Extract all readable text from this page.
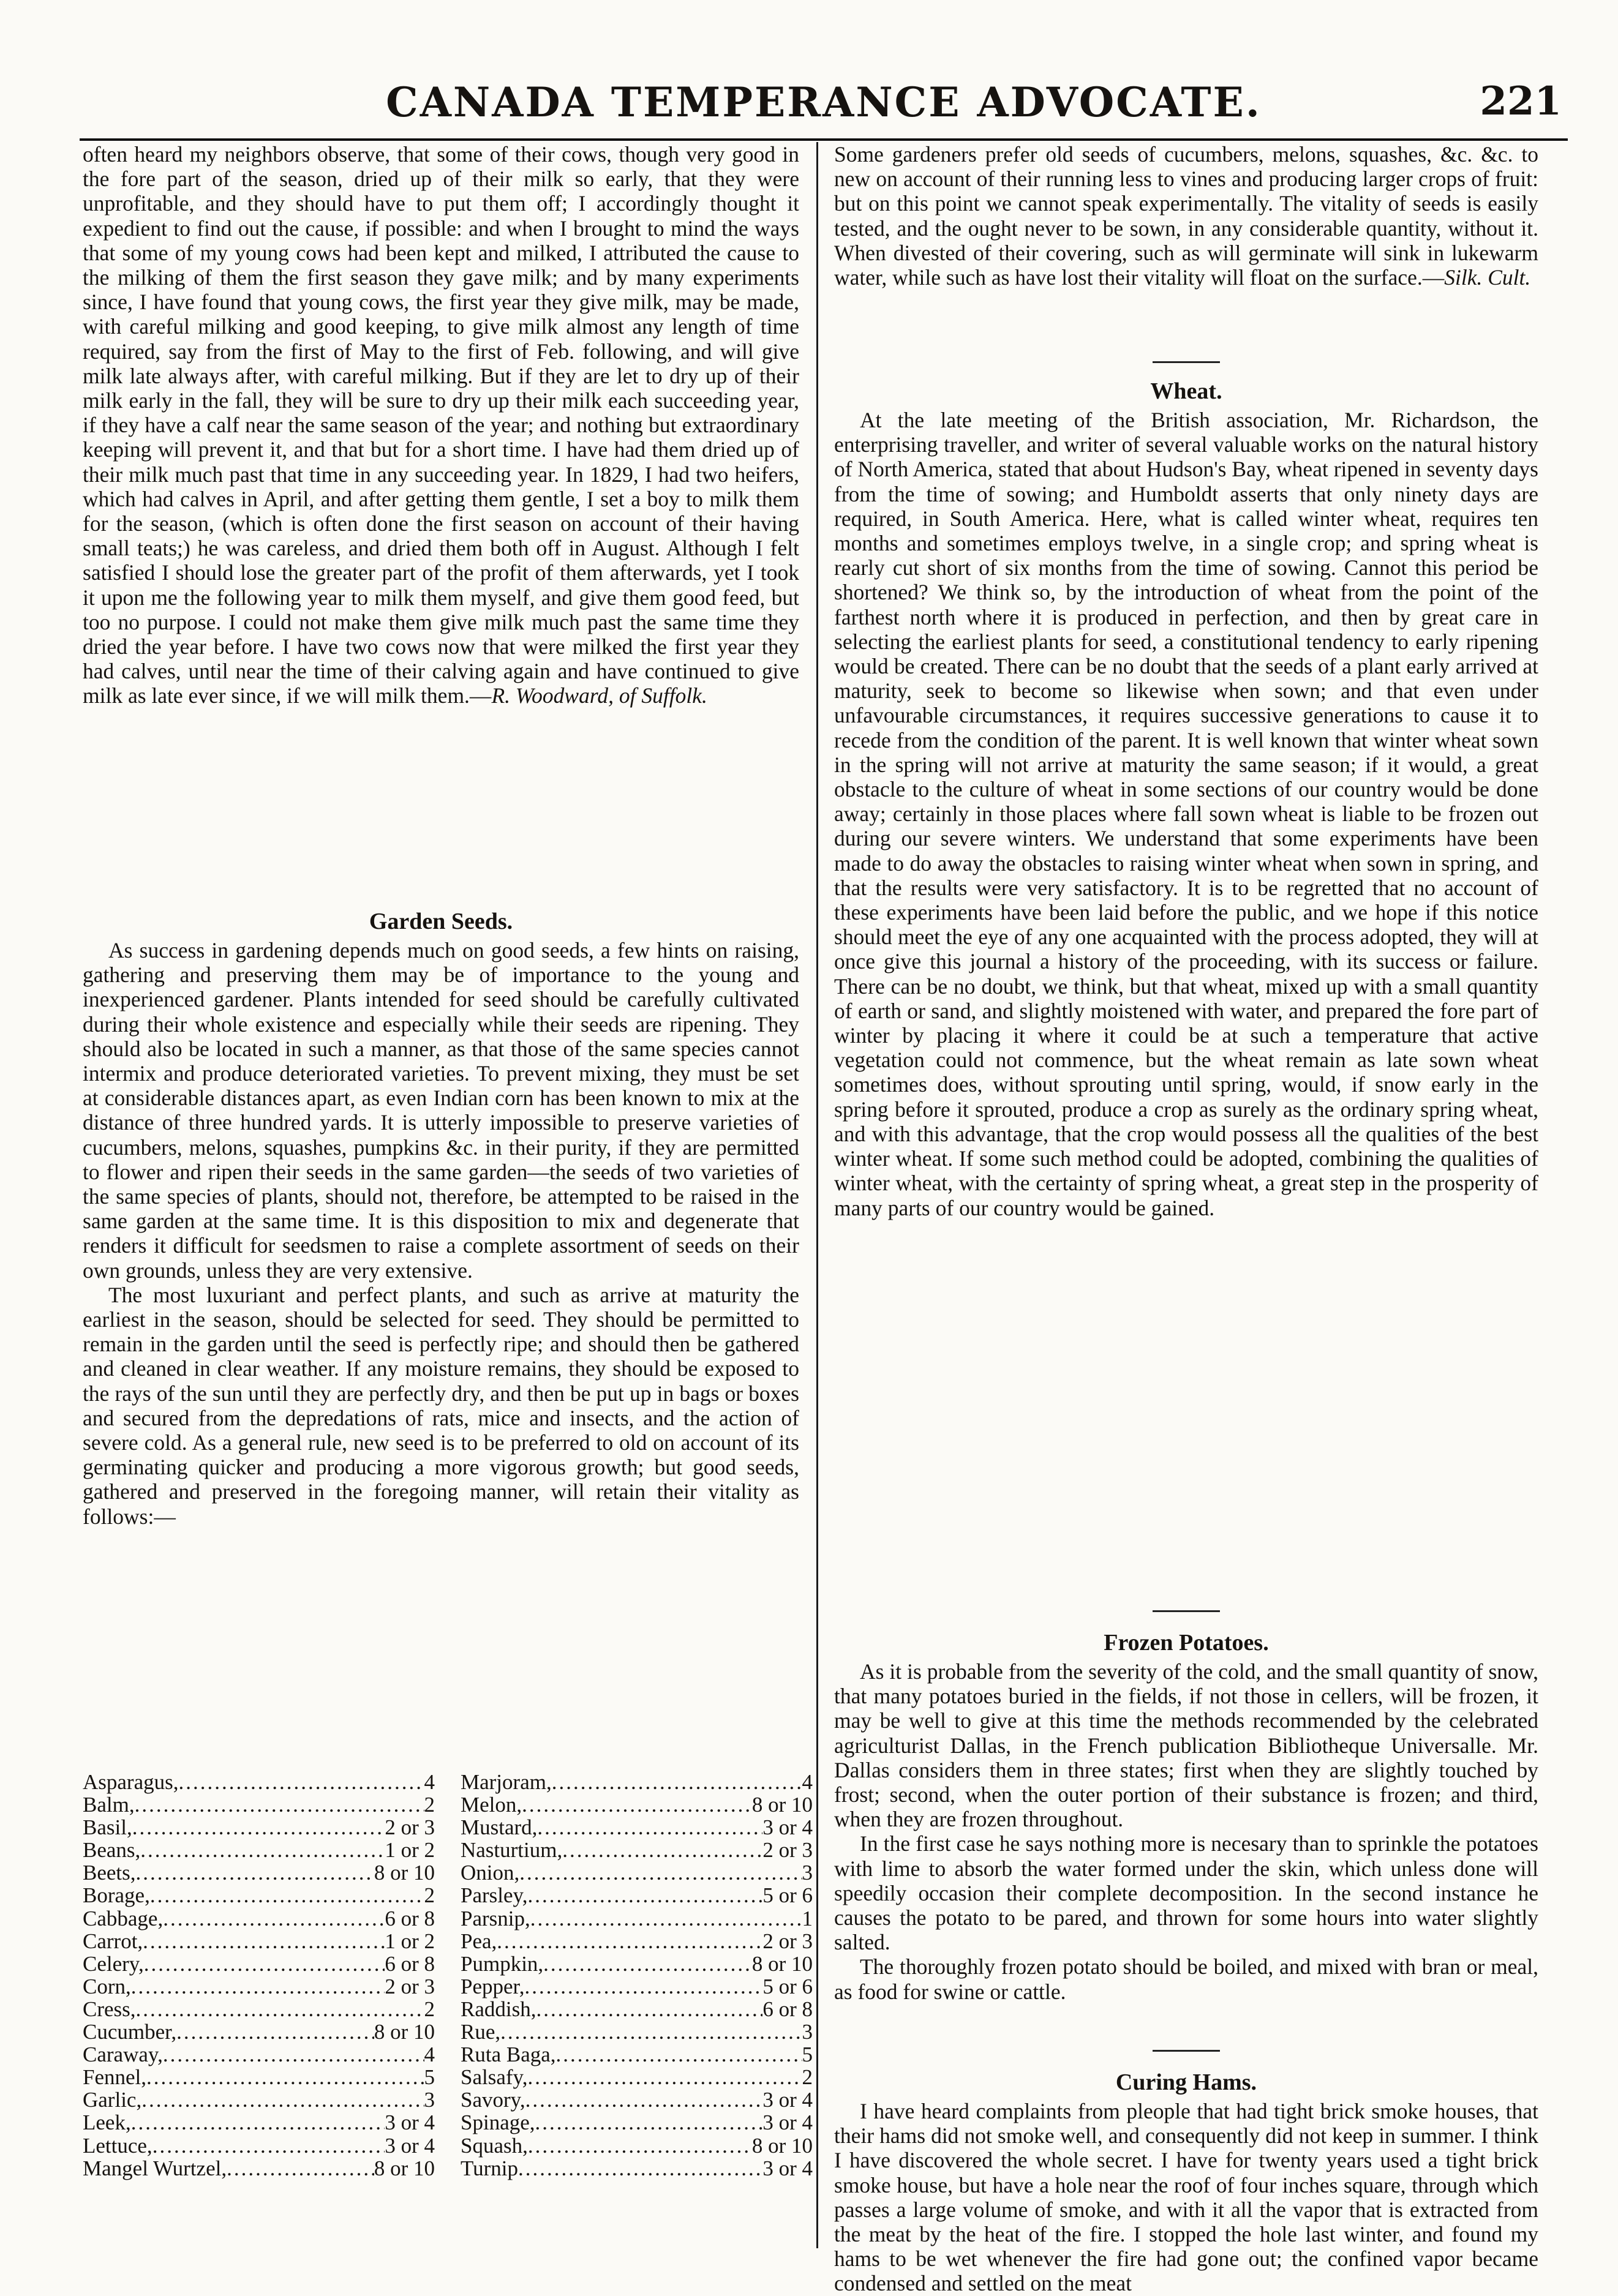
CANADA TEMPERANCE ADVOCATE.	221

often heard my neighbors observe, that some of their cows, though very good in the fore part of the season, dried up of their milk so early, that they were unprofitable, and they should have to put them off; I accordingly thought it expedient to find out the cause, if possible: and when I brought to mind the ways that some of my young cows had been kept and milked, I attributed the cause to the milking of them the first season they gave milk; and by many experiments since, I have found that young cows, the first year they give milk, may be made, with careful milking and good keeping, to give milk almost any length of time required, say from the first of May to the first of Feb. following, and will give milk late always after, with careful milking. But if they are let to dry up of their milk early in the fall, they will be sure to dry up their milk each succeeding year, if they have a calf near the same season of the year; and nothing but extraordinary keeping will prevent it, and that but for a short time. I have had them dried up of their milk much past that time in any succeeding year. In 1829, I had two heifers, which had calves in April, and after getting them gentle, I set a boy to milk them for the season, (which is often done the first season on account of their having small teats;) he was careless, and dried them both off in August. Although I felt satisfied I should lose the greater part of the profit of them afterwards, yet I took it upon me the following year to milk them myself, and give them good feed, but too no purpose. I could not make them give milk much past the same time they dried the year before. I have two cows now that were milked the first year they had calves, until near the time of their calving again and have continued to give milk as late ever since, if we will milk them.—R. Woodward, of Suffolk.

Garden Seeds.

As success in gardening depends much on good seeds, a few hints on raising, gathering and preserving them may be of importance to the young and inexperienced gardener. Plants intended for seed should be carefully cultivated during their whole existence and especially while their seeds are ripening. They should also be located in such a manner, as that those of the same species cannot intermix and produce deteriorated varieties. To prevent mixing, they must be set at considerable distances apart, as even Indian corn has been known to mix at the distance of three hundred yards. It is utterly impossible to preserve varieties of cucumbers, melons, squashes, pumpkins &c. in their purity, if they are permitted to flower and ripen their seeds in the same garden—the seeds of two varieties of the same species of plants, should not, therefore, be attempted to be raised in the same garden at the same time. It is this disposition to mix and degenerate that renders it difficult for seedsmen to raise a complete assortment of seeds on their own grounds, unless they are very extensive.

The most luxuriant and perfect plants, and such as arrive at maturity the earliest in the season, should be selected for seed. They should be permitted to remain in the garden until the seed is perfectly ripe; and should then be gathered and cleaned in clear weather. If any moisture remains, they should be exposed to the rays of the sun until they are perfectly dry, and then be put up in bags or boxes and secured from the depredations of rats, mice and insects, and the action of severe cold. As a general rule, new seed is to be preferred to old on account of its germinating quicker and producing a more vigorous growth; but good seeds, gathered and preserved in the foregoing manner, will retain their vitality as follows:—

Asparagus, .....	4
Balm, .....	2
Basil, .....	2 or 3
Beans, .....	1 or 2
Beets, .....	8 or 10
Borage, .....	2
Cabbage, .....	6 or 8
Carrot, .....	1 or 2
Celery, .....	6 or 8
Corn, .....	2 or 3
Cress, .....	2
Cucumber, .....	8 or 10
Caraway, .....	4
Fennel, .....	5
Garlic, .....	3
Leek, .....	3 or 4
Lettuce, .....	3 or 4
Mangel Wurtzel, .....	8 or 10
Marjoram, .....	4
Melon, .....	8 or 10
Mustard, .....	3 or 4
Nasturtium, .....	2 or 3
Onion, .....	3
Parsley, .....	5 or 6
Parsnip, .....	1
Pea, .....	2 or 3
Pumpkin, .....	8 or 10
Pepper, .....	5 or 6
Raddish, .....	6 or 8
Rue, .....	3
Ruta Baga, .....	5
Salsafy, .....	2
Savory, .....	3 or 4
Spinage, .....	3 or 4
Squash, .....	8 or 10
Turnip .....	3 or 4

Some gardeners prefer old seeds of cucumbers, melons, squashes, &c. &c. to new on account of their running less to vines and producing larger crops of fruit: but on this point we cannot speak experimentally. The vitality of seeds is easily tested, and the ought never to be sown, in any considerable quantity, without it. When divested of their covering, such as will germinate will sink in lukewarm water, while such as have lost their vitality will float on the surface.—Silk. Cult.

Wheat.

At the late meeting of the British association, Mr. Richardson, the enterprising traveller, and writer of several valuable works on the natural history of North America, stated that about Hudson's Bay, wheat ripened in seventy days from the time of sowing; and Humboldt asserts that only ninety days are required, in South America. Here, what is called winter wheat, requires ten months and sometimes employs twelve, in a single crop; and spring wheat is rearly cut short of six months from the time of sowing. Cannot this period be shortened? We think so, by the introduction of wheat from the point of the farthest north where it is produced in perfection, and then by great care in selecting the earliest plants for seed, a constitutional tendency to early ripening would be created. There can be no doubt that the seeds of a plant early arrived at maturity, seek to become so likewise when sown; and that even under unfavourable circumstances, it requires successive generations to cause it to recede from the condition of the parent. It is well known that winter wheat sown in the spring will not arrive at maturity the same season; if it would, a great obstacle to the culture of wheat in some sections of our country would be done away; certainly in those places where fall sown wheat is liable to be frozen out during our severe winters. We understand that some experiments have been made to do away the obstacles to raising winter wheat when sown in spring, and that the results were very satisfactory. It is to be regretted that no account of these experiments have been laid before the public, and we hope if this notice should meet the eye of any one acquainted with the process adopted, they will at once give this journal a history of the proceeding, with its success or failure. There can be no doubt, we think, but that wheat, mixed up with a small quantity of earth or sand, and slightly moistened with water, and prepared the fore part of winter by placing it where it could be at such a temperature that active vegetation could not commence, but the wheat remain as late sown wheat sometimes does, without sprouting until spring, would, if snow early in the spring before it sprouted, produce a crop as surely as the ordinary spring wheat, and with this advantage, that the crop would possess all the qualities of the best winter wheat. If some such method could be adopted, combining the qualities of winter wheat, with the certainty of spring wheat, a great step in the prosperity of many parts of our country would be gained.

Frozen Potatoes.

As it is probable from the severity of the cold, and the small quantity of snow, that many potatoes buried in the fields, if not those in cellers, will be frozen, it may be well to give at this time the methods recommended by the celebrated agriculturist Dallas, in the French publication Bibliotheque Universalle. Mr. Dallas considers them in three states; first when they are slightly touched by frost; second, when the outer portion of their substance is frozen; and third, when they are frozen throughout.

In the first case he says nothing more is necesary than to sprinkle the potatoes with lime to absorb the water formed under the skin, which unless done will speedily occasion their complete decomposition. In the second instance he causes the potato to be pared, and thrown for some hours into water slightly salted.

The thoroughly frozen potato should be boiled, and mixed with bran or meal, as food for swine or cattle.

Curing Hams.

I have heard complaints from pleople that had tight brick smoke houses, that their hams did not smoke well, and consequently did not keep in summer. I think I have discovered the whole secret. I have for twenty years used a tight brick smoke house, but have a hole near the roof of four inches square, through which passes a large volume of smoke, and with it all the vapor that is extracted from the meat by the heat of the fire. I stopped the hole last winter, and found my hams to be wet whenever the fire had gone out; the confined vapor became condensed and settled on the meat
